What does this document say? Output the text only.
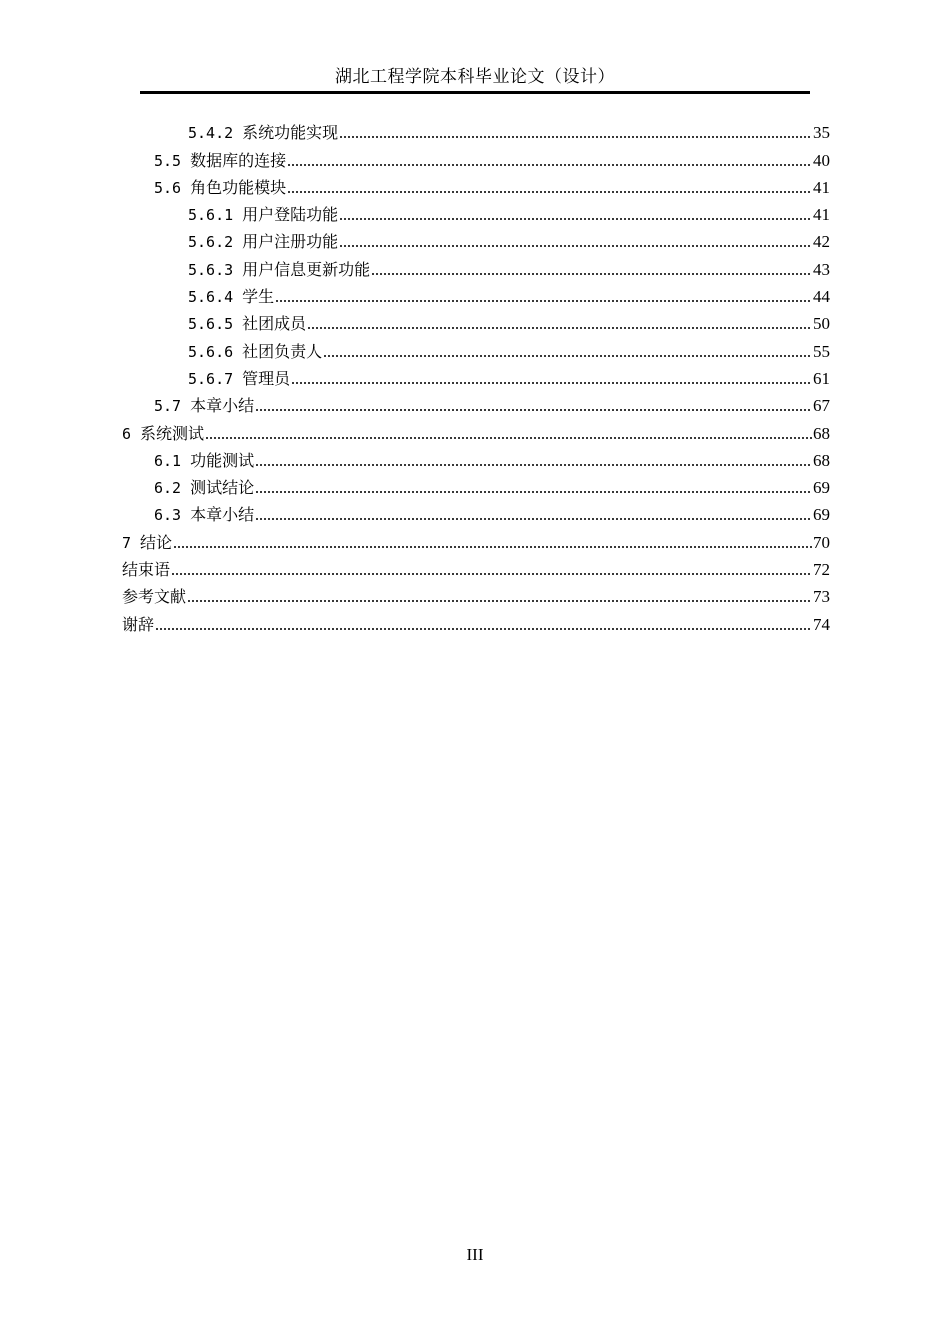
湖北工程学院本科毕业论文（设计）
5.4.2 系统功能实现	35
5.5 数据库的连接	40
5.6 角色功能模块	41
5.6.1 用户登陆功能	41
5.6.2 用户注册功能	42
5.6.3 用户信息更新功能	43
5.6.4 学生	44
5.6.5 社团成员	50
5.6.6 社团负责人	55
5.6.7 管理员	61
5.7 本章小结	67
6 系统测试	68
6.1 功能测试	68
6.2 测试结论	69
6.3 本章小结	69
7 结论	70
结束语	72
参考文献	73
谢辞	74
III
